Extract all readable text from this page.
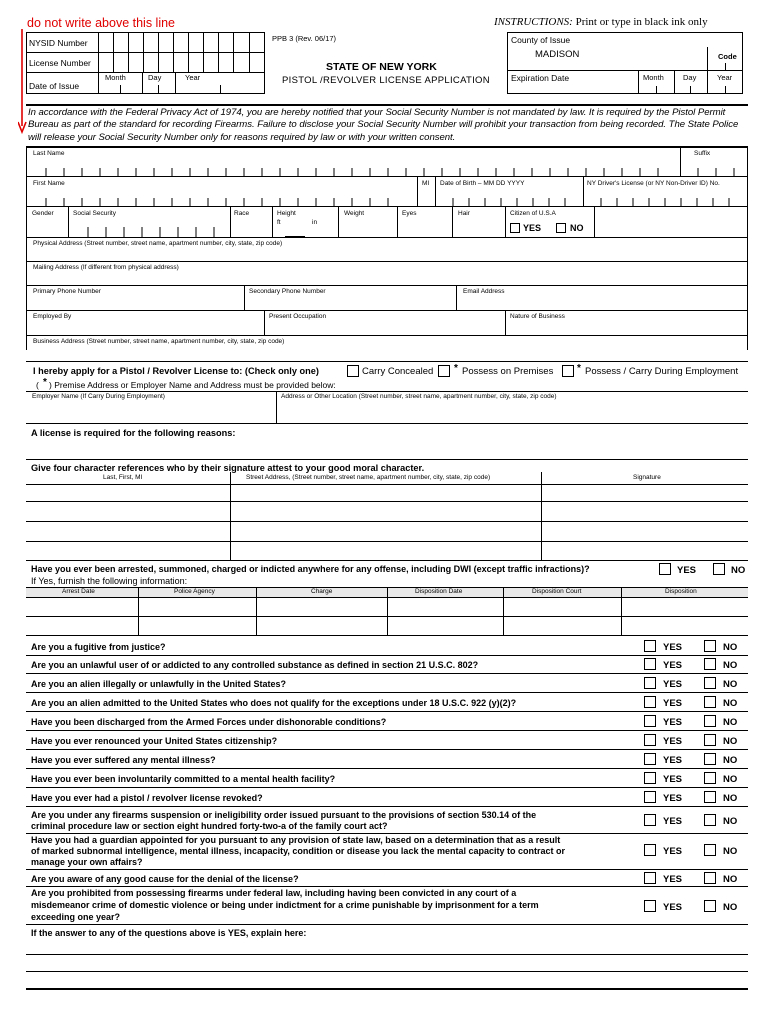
do not write above this line	INSTRUCTIONS: Print or type in black ink only
NYSID Number
License Number
Date of Issue
Month	Day	Year
PPB 3 (Rev. 06/17)
STATE OF NEW YORK
PISTOL /REVOLVER LICENSE APPLICATION
County of Issue
MADISON	Code
Expiration Date	Month	Day	Year
In accordance with the Federal Privacy Act of 1974, you are hereby notified that your Social Security Number is not mandated by law. It is required by the Pistol Permit Bureau as part of the standard for recording Firearms. Failure to disclose your Social Security Number will prohibit your transaction from being recorded. The State Police will release your Social Security Number only for reasons required by law or with your written consent.
Last Name	Suffix
First Name	MI Date of Birth – MM DD YYYY	NY Driver's License (or NY Non-Driver ID) No.
Gender	Social Security	Race	Height
ft	in
Weight	Eyes	Hair	Citizen of U.S.A
YES	NO
Physical Address (Street number, street name, apartment number, city, state, zip code)
Mailing Address (If different from physical address)
Primary Phone Number	Secondary Phone Number	Email Address
Employed By	Present Occupation	Nature of Business
Business Address (Street number, street name, apartment number, city, state, zip code)
I hereby apply for a Pistol / Revolver License to: (Check only one)	Carry Concealed * Possess on Premises * Possess / Carry During Employment
( * ) Premise Address or Employer Name and Address must be provided below:
Employer Name (If Carry During Employment)	Address or Other Location (Street number, street name, apartment number, city, state, zip code)
A license is required for the following reasons:
Give four character references who by their signature attest to your good moral character.
Last, First, MI	Street Address, (Street number, street name, apartment number, city, state, zip code)	Signature
Have you ever been arrested, summoned, charged or indicted anywhere for any offense, including DWI (except traffic infractions)?	YES	NO
If Yes, furnish the following information:
Arrest Date	Police Agency	Charge	Disposition Date	Disposition Court	Disposition
Are you a fugitive from justice?	YES	NO
Are you an unlawful user of or addicted to any controlled substance as defined in section 21 U.S.C. 802?	YES	NO
Are you an alien illegally or unlawfully in the United States?	YES	NO
Are you an alien admitted to the United States who does not qualify for the exceptions under 18 U.S.C. 922 (y)(2)?	YES	NO
Have you been discharged from the Armed Forces under dishonorable conditions?	YES	NO
Have you ever renounced your United States citizenship?	YES	NO
Have you ever suffered any mental illness?	YES	NO
Have you ever been involuntarily committed to a mental health facility?	YES	NO
Have you ever had a pistol / revolver license revoked?	YES	NO
Are you under any firearms suspension or ineligibility order issued pursuant to the provisions of section 530.14 of the
criminal procedure law or section eight hundred forty-two-a of the family court act?	YES	NO
Have you had a guardian appointed for you pursuant to any provision of state law, based on a determination that as a result
of marked subnormal intelligence, mental illness, incapacity, condition or disease you lack the mental capacity to contract or
manage your own affairs?
YES	NO
Are you aware of any good cause for the denial of the license?	YES	NO
Are you prohibited from possessing firearms under federal law, including having been convicted in any court of a
misdemeanor crime of domestic violence or being under indictment for a crime punishable by imprisonment for a term
exceeding one year?
YES	NO
If the answer to any of the questions above is YES, explain here:
